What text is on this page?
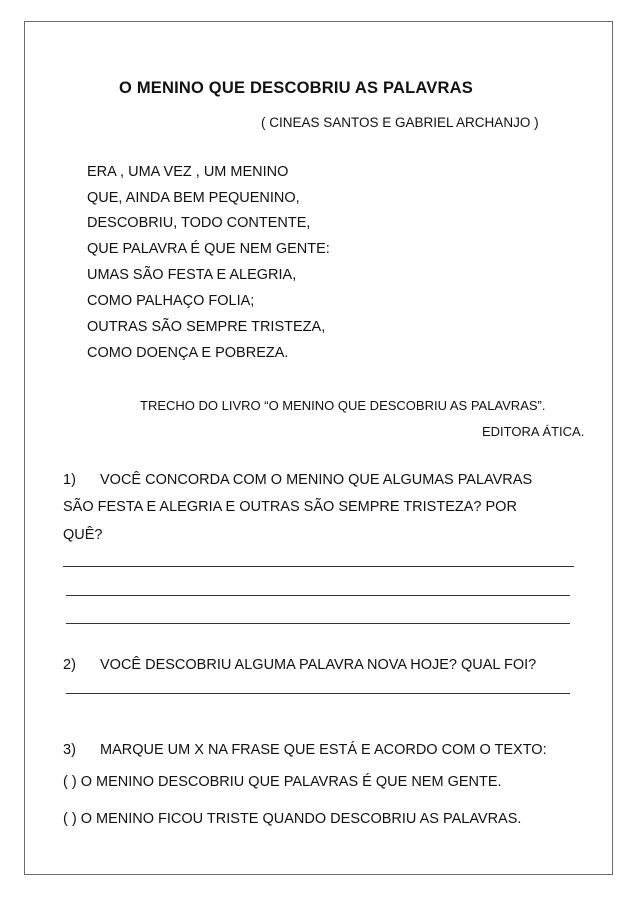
O MENINO QUE DESCOBRIU AS PALAVRAS
( CINEAS SANTOS E GABRIEL ARCHANJO )
ERA , UMA VEZ , UM MENINO
QUE, AINDA BEM PEQUENINO,
DESCOBRIU, TODO CONTENTE,
QUE PALAVRA É QUE NEM GENTE:
UMAS SÃO FESTA E ALEGRIA,
COMO PALHAÇO FOLIA;
OUTRAS SÃO SEMPRE TRISTEZA,
COMO DOENÇA E POBREZA.
TRECHO DO LIVRO “O MENINO QUE DESCOBRIU AS PALAVRAS”.
EDITORA ÁTICA.
1) VOCÊ CONCORDA COM O MENINO QUE ALGUMAS PALAVRAS
SÃO FESTA E ALEGRIA E OUTRAS SÃO SEMPRE TRISTEZA? POR
QUÊ?
2) VOCÊ DESCOBRIU ALGUMA PALAVRA NOVA HOJE? QUAL FOI?
3) MARQUE UM X NA FRASE QUE ESTÁ E ACORDO COM O TEXTO:
( ) O MENINO DESCOBRIU QUE PALAVRAS É QUE NEM GENTE.
( ) O MENINO FICOU TRISTE QUANDO DESCOBRIU AS PALAVRAS.
